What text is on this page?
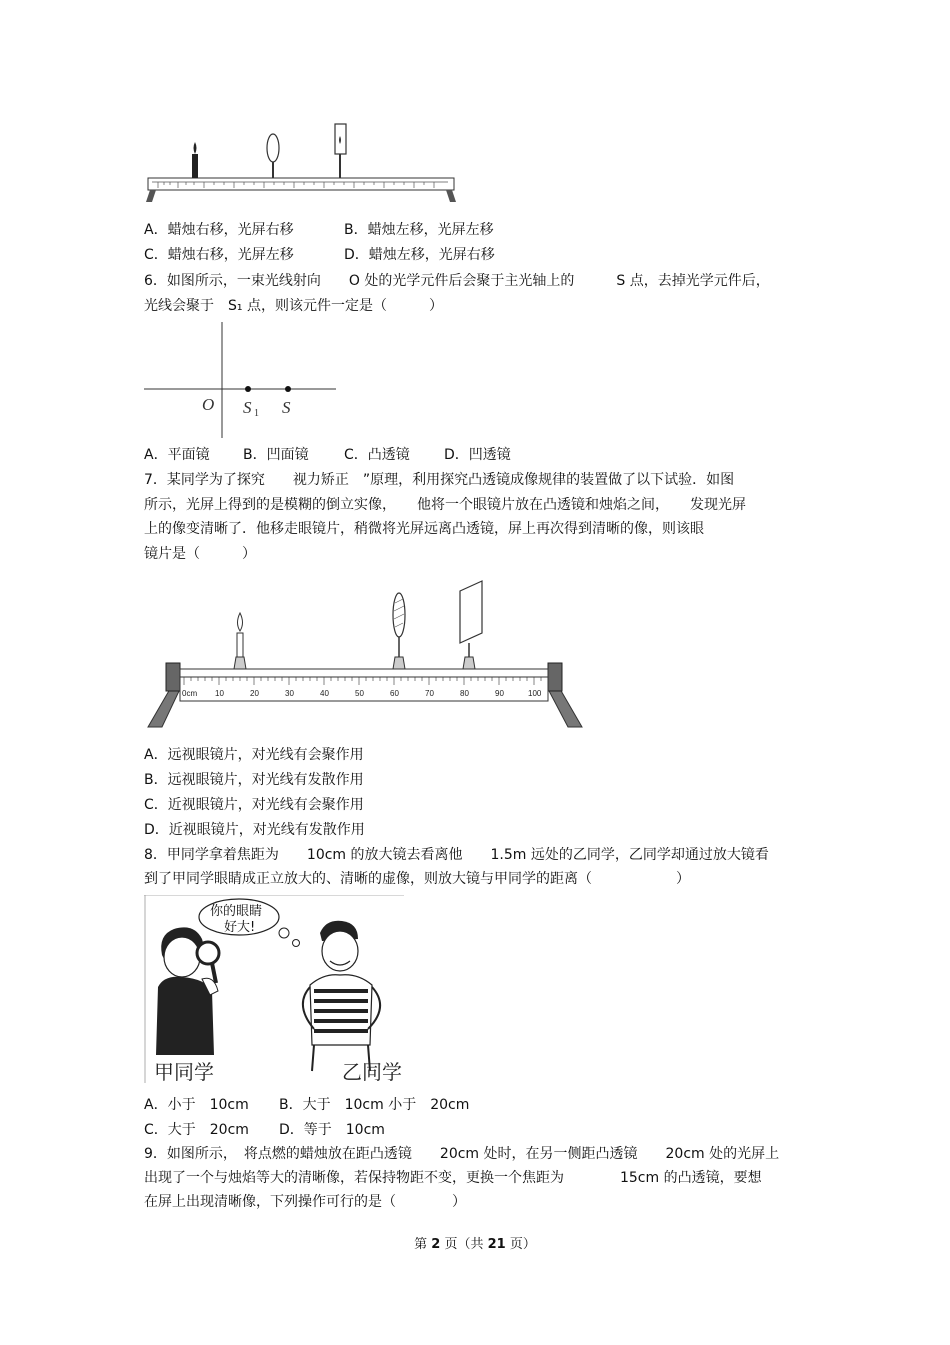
A．蜡烛右移，光屏右移	B．蜡烛左移，光屏左移
C．蜡烛右移，光屏左移	D．蜡烛左移，光屏右移
6．如图所示，一束光线射向　　O 处的光学元件后会聚于主光轴上的　　　S 点，去掉光学元件后，
光线会聚于　S₁ 点，则该元件一定是（　　　）
O S 1 S
A．平面镜 B．凹面镜	C．凸透镜 D．凹透镜
7．某同学为了探究　　视力矫正　”原理，利用探究凸透镜成像规律的装置做了以下试验．如图
所示，光屏上得到的是模糊的倒立实像，　　他将一个眼镜片放在凸透镜和烛焰之间，　　发现光屏
上的像变清晰了．他移走眼镜片，稍微将光屏远离凸透镜，屏上再次得到清晰的像，则该眼
镜片是（　　　）
0cm 10	20	30	40	50	60	70	80	90	100
A．远视眼镜片，对光线有会聚作用
B．远视眼镜片，对光线有发散作用
C．近视眼镜片，对光线有会聚作用
D．近视眼镜片，对光线有发散作用
8．甲同学拿着焦距为　　10cm 的放大镜去看离他　　1.5m 远处的乙同学，乙同学却通过放大镜看
到了甲同学眼睛成正立放大的、清晰的虚像，则放大镜与甲同学的距离（　　　　　　）
你的眼睛
好大!
甲同学	乙同学
A．小于　10cm B．大于　10cm 小于　20cm
C．大于　20cm D．等于　10cm
9．如图所示，　将点燃的蜡烛放在距凸透镜　　20cm 处时，在另一侧距凸透镜　　20cm 处的光屏上
出现了一个与烛焰等大的清晰像，若保持物距不变，更换一个焦距为　　　　15cm 的凸透镜，要想
在屏上出现清晰像，下列操作可行的是（　　　　）
第 2 页（共 21 页）
